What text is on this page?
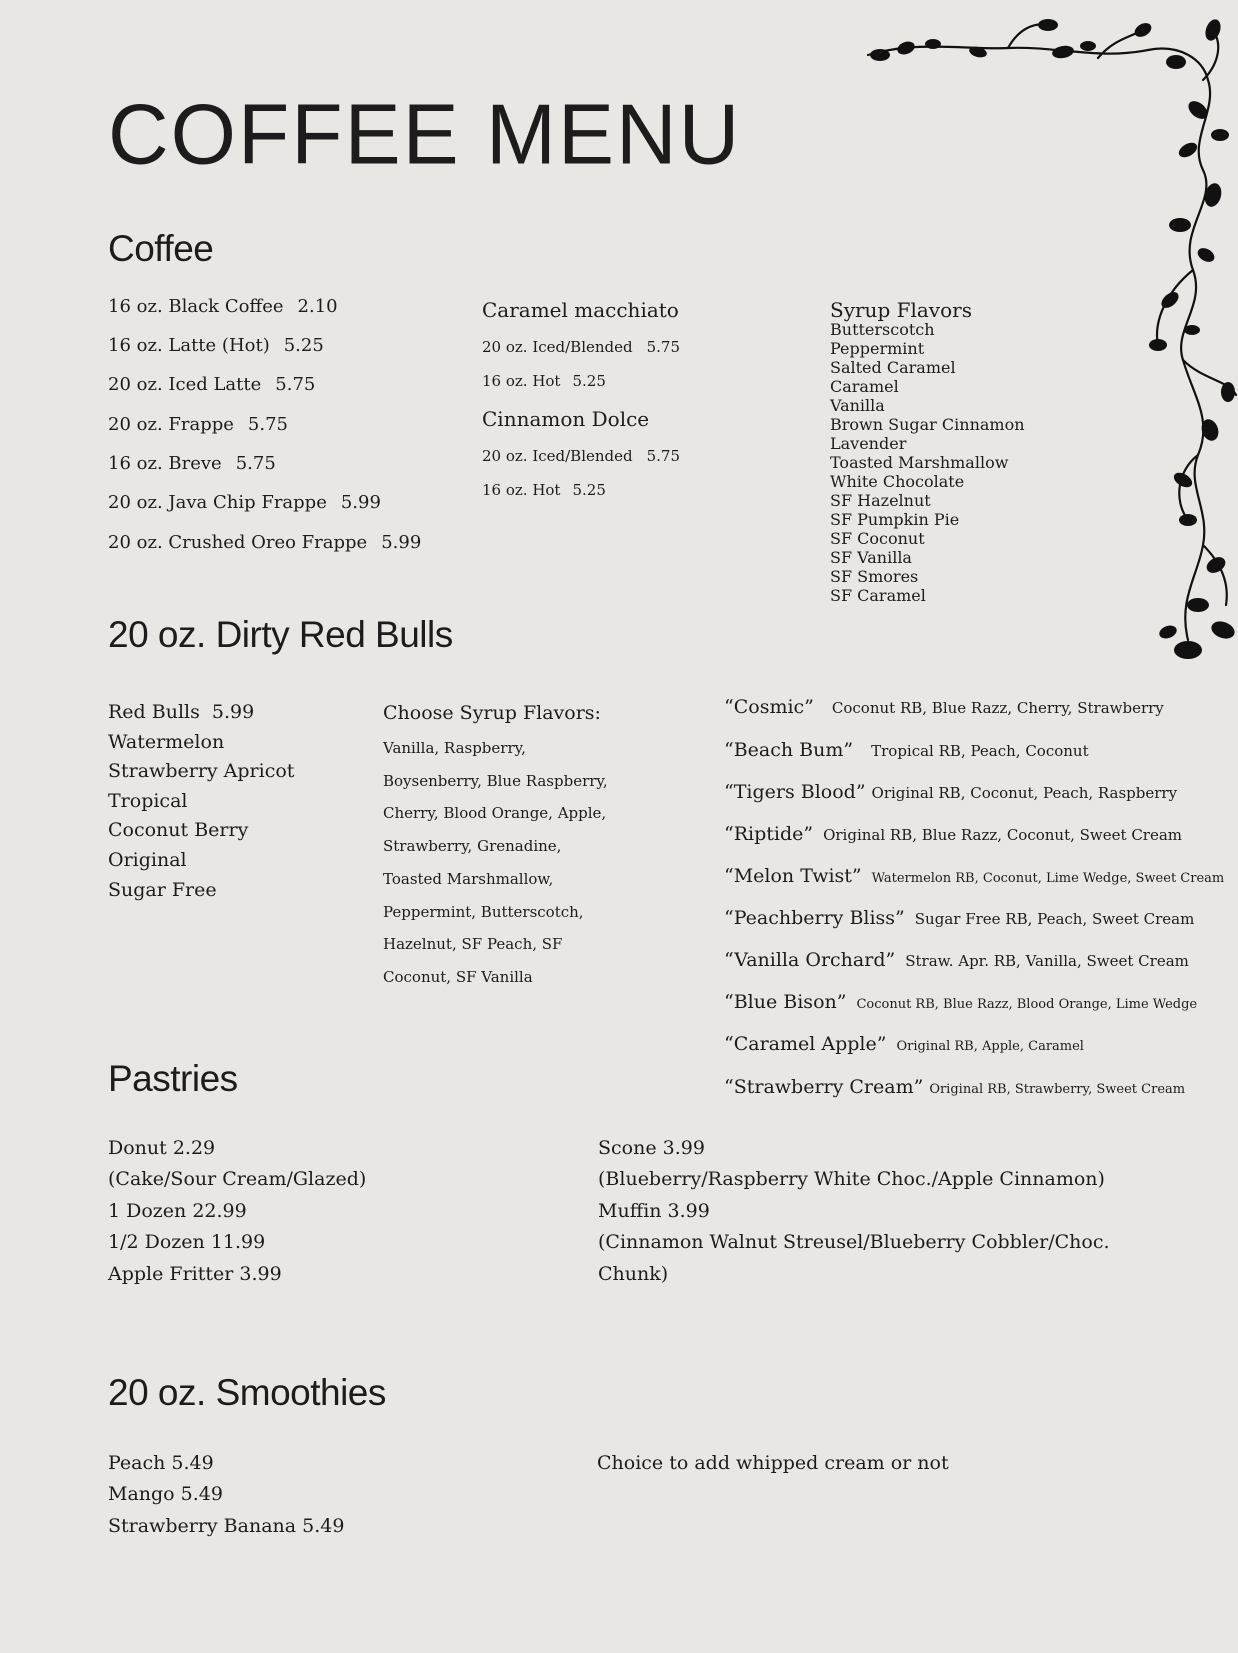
COFFEE MENU
Coffee
16 oz. Black Coffee 2.10
16 oz. Latte (Hot) 5.25
20 oz. Iced Latte 5.75
20 oz. Frappe 5.75
16 oz. Breve 5.75
20 oz. Java Chip Frappe 5.99
20 oz. Crushed Oreo Frappe 5.99
Caramel macchiato
20 oz. Iced/Blended 5.75
16 oz. Hot 5.25
Cinnamon Dolce
20 oz. Iced/Blended 5.75
16 oz. Hot 5.25
Syrup Flavors
Butterscotch
Peppermint
Salted Caramel
Caramel
Vanilla
Brown Sugar Cinnamon
Lavender
Toasted Marshmallow
White Chocolate
SF Hazelnut
SF Pumpkin Pie
SF Coconut
SF Vanilla
SF Smores
SF Caramel
20 oz. Dirty Red Bulls
Red Bulls 5.99
Watermelon
Strawberry Apricot
Tropical
Coconut Berry
Original
Sugar Free
Choose Syrup Flavors:
Vanilla, Raspberry, Boysenberry, Blue Raspberry, Cherry, Blood Orange, Apple, Strawberry, Grenadine, Toasted Marshmallow, Peppermint, Butterscotch, Hazelnut, SF Peach, SF Coconut, SF Vanilla
“Cosmic” Coconut RB, Blue Razz, Cherry, Strawberry
“Beach Bum” Tropical RB, Peach, Coconut
“Tigers Blood” Original RB, Coconut, Peach, Raspberry
“Riptide” Original RB, Blue Razz, Coconut, Sweet Cream
“Melon Twist” Watermelon RB, Coconut, Lime Wedge, Sweet Cream
“Peachberry Bliss” Sugar Free RB, Peach, Sweet Cream
“Vanilla Orchard” Straw. Apr. RB, Vanilla, Sweet Cream
“Blue Bison” Coconut RB, Blue Razz, Blood Orange, Lime Wedge
“Caramel Apple” Original RB, Apple, Caramel
“Strawberry Cream” Original RB, Strawberry, Sweet Cream
Pastries
Donut 2.29
(Cake/Sour Cream/Glazed)
1 Dozen 22.99
1/2 Dozen 11.99
Apple Fritter 3.99
Scone 3.99
(Blueberry/Raspberry White Choc./Apple Cinnamon)
Muffin 3.99
(Cinnamon Walnut Streusel/Blueberry Cobbler/Choc.
Chunk)
20 oz. Smoothies
Peach 5.49
Mango 5.49
Strawberry Banana 5.49
Choice to add whipped cream or not
